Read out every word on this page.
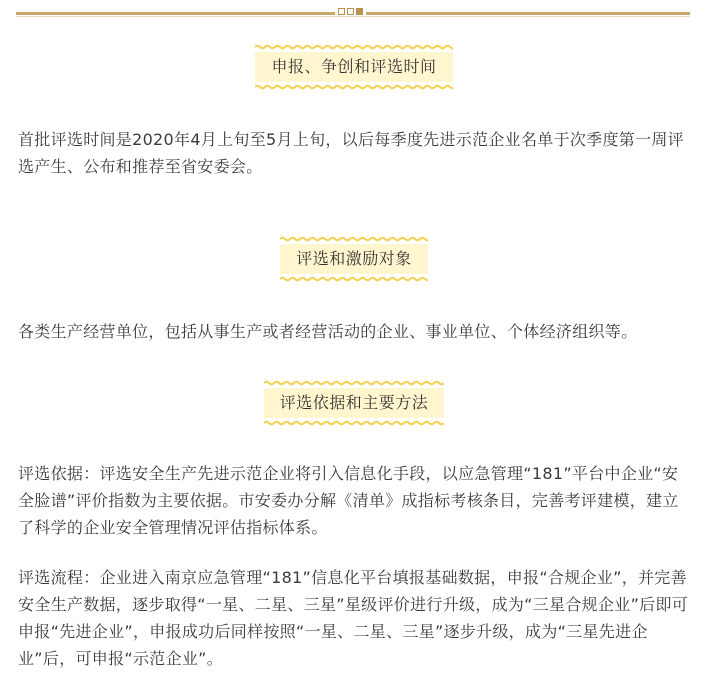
申报、争创和评选时间

首批评选时间是2020年4月上旬至5月上旬，以后每季度先进示范企业名单于次季度第一周评选产生、公布和推荐至省安委会。

评选和激励对象

各类生产经营单位，包括从事生产或者经营活动的企业、事业单位、个体经济组织等。

评选依据和主要方法

评选依据：评选安全生产先进示范企业将引入信息化手段，以应急管理“181”平台中企业“安全脸谱”评价指数为主要依据。市安委办分解《清单》成指标考核条目，完善考评建模，建立了科学的企业安全管理情况评估指标体系。

评选流程：企业进入南京应急管理“181”信息化平台填报基础数据，申报“合规企业”，并完善安全生产数据，逐步取得“一星、二星、三星”星级评价进行升级，成为“三星合规企业”后即可申报“先进企业”，申报成功后同样按照“一星、二星、三星”逐步升级，成为“三星先进企业”后，可申报“示范企业”。
